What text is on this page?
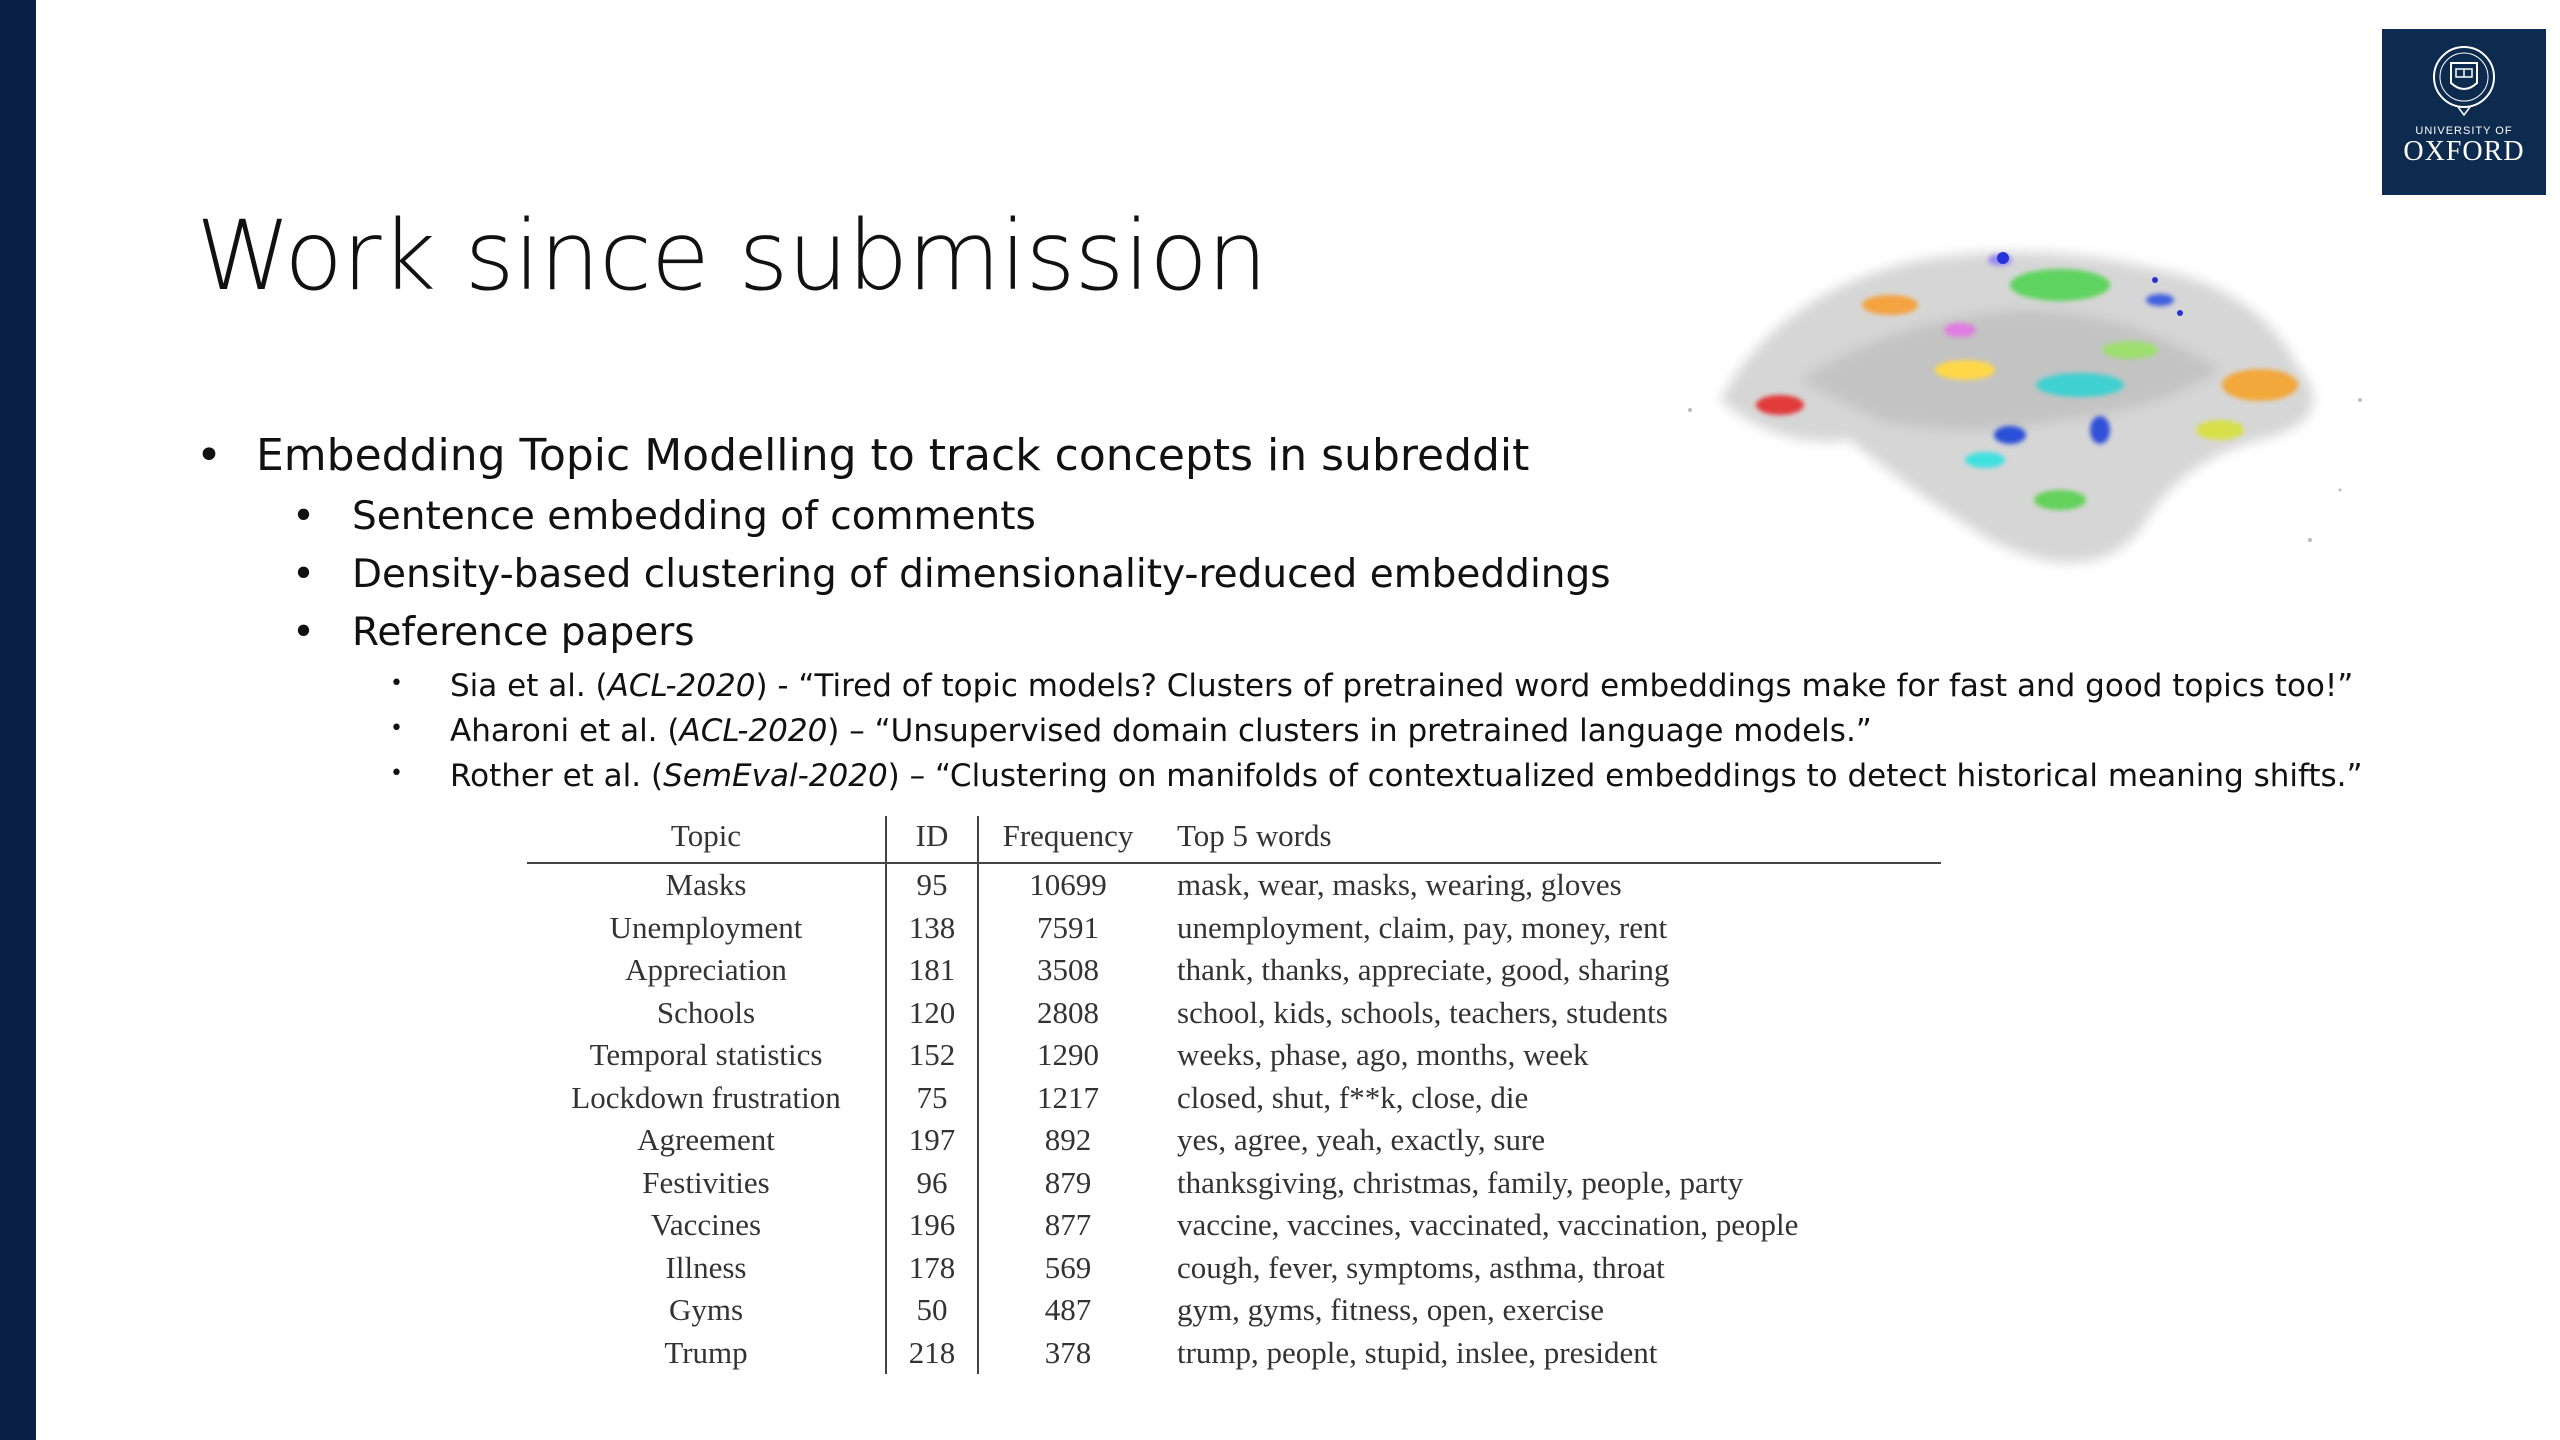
UNIVERSITY OF
OXFORD
Work since submission
• Embedding Topic Modelling to track concepts in subreddit
• Sentence embedding of comments
• Density-based clustering of dimensionality-reduced embeddings
• Reference papers
• Sia et al. (ACL-2020) - “Tired of topic models? Clusters of pretrained word embeddings make for fast and good topics too!”
• Aharoni et al. (ACL-2020) – “Unsupervised domain clusters in pretrained language models.”
• Rother et al. (SemEval-2020) – “Clustering on manifolds of contextualized embeddings to detect historical meaning shifts.”
Topic	ID	Frequency	Top 5 words
Masks	95	10699	mask, wear, masks, wearing, gloves
Unemployment	138	7591	unemployment, claim, pay, money, rent
Appreciation	181	3508	thank, thanks, appreciate, good, sharing
Schools	120	2808	school, kids, schools, teachers, students
Temporal statistics	152	1290	weeks, phase, ago, months, week
Lockdown frustration	75	1217	closed, shut, f**k, close, die
Agreement	197	892	yes, agree, yeah, exactly, sure
Festivities	96	879	thanksgiving, christmas, family, people, party
Vaccines	196	877	vaccine, vaccines, vaccinated, vaccination, people
Illness	178	569	cough, fever, symptoms, asthma, throat
Gyms	50	487	gym, gyms, fitness, open, exercise
Trump	218	378	trump, people, stupid, inslee, president
